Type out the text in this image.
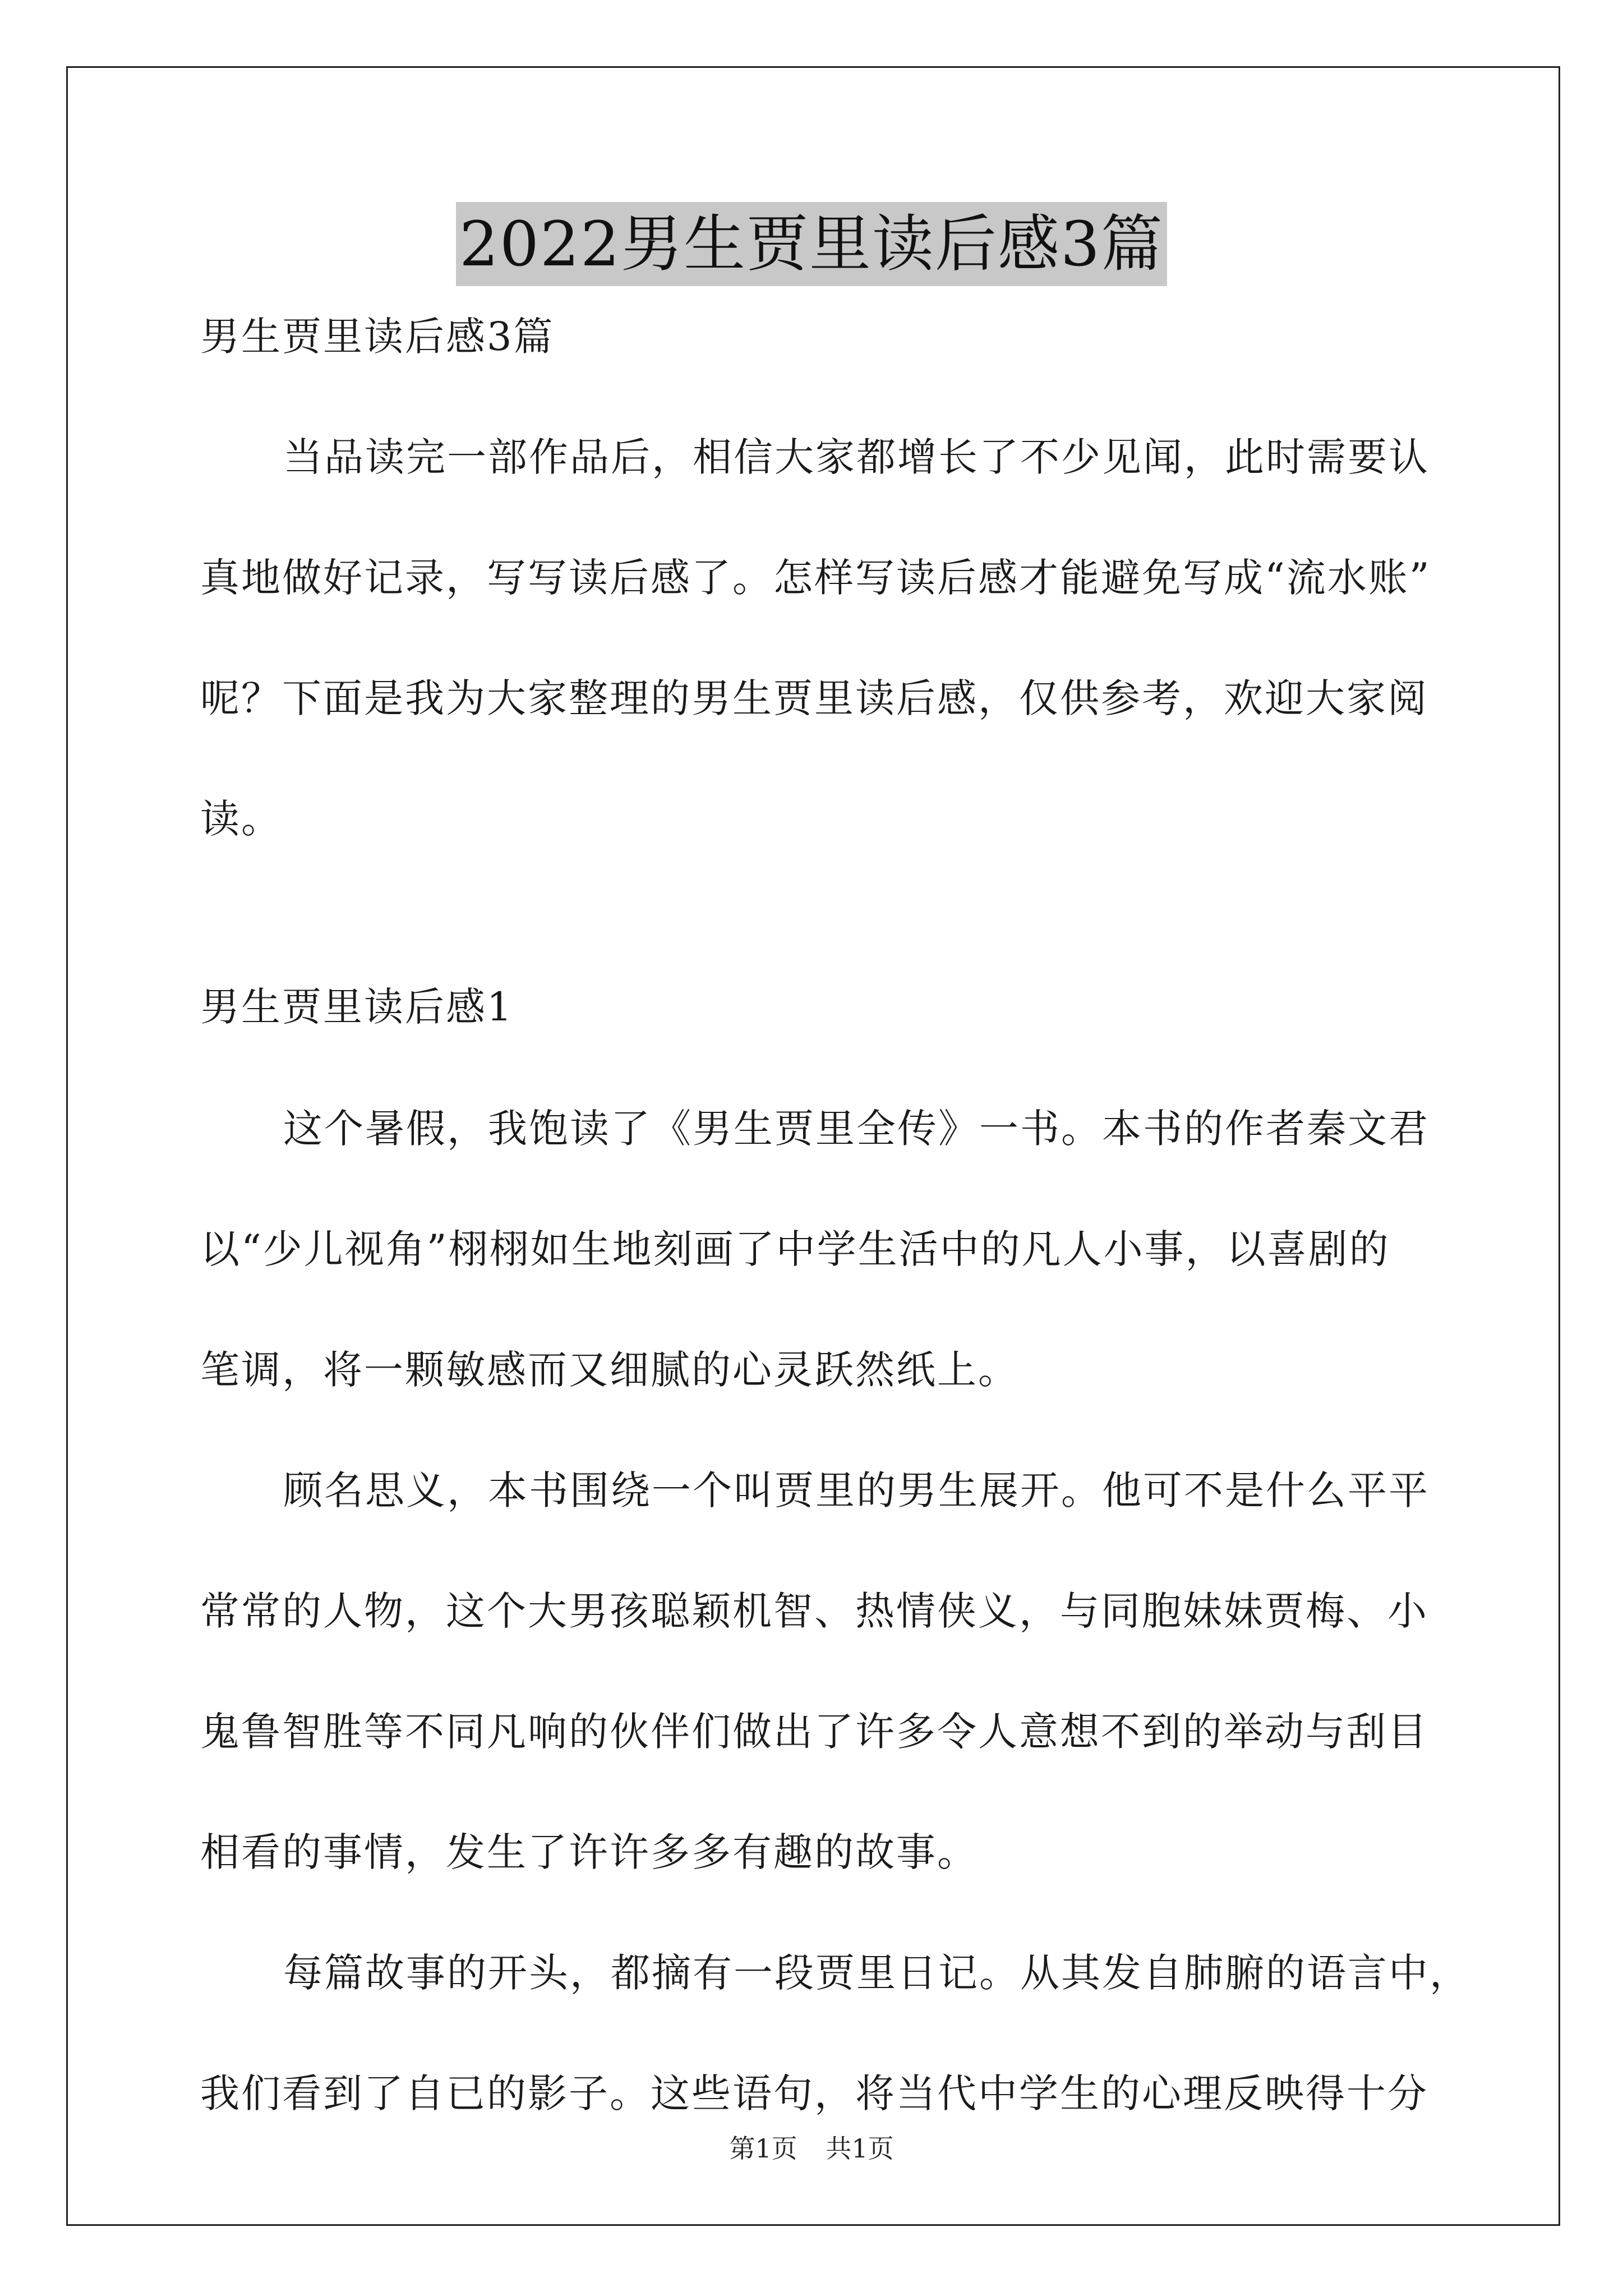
2022男生贾里读后感3篇
男生贾里读后感3篇
当品读完一部作品后，相信大家都增长了不少见闻，此时需要认
真地做好记录，写写读后感了。怎样写读后感才能避免写成“流水账”
呢？下面是我为大家整理的男生贾里读后感，仅供参考，欢迎大家阅
读。
男生贾里读后感1
这个暑假，我饱读了《男生贾里全传》一书。本书的作者秦文君
以“少儿视角”栩栩如生地刻画了中学生活中的凡人小事，以喜剧的
笔调，将一颗敏感而又细腻的心灵跃然纸上。
顾名思义，本书围绕一个叫贾里的男生展开。他可不是什么平平
常常的人物，这个大男孩聪颖机智、热情侠义，与同胞妹妹贾梅、小
鬼鲁智胜等不同凡响的伙伴们做出了许多令人意想不到的举动与刮目
相看的事情，发生了许许多多有趣的故事。
每篇故事的开头，都摘有一段贾里日记。从其发自肺腑的语言中，
我们看到了自已的影子。这些语句，将当代中学生的心理反映得十分
第1页 共1页
